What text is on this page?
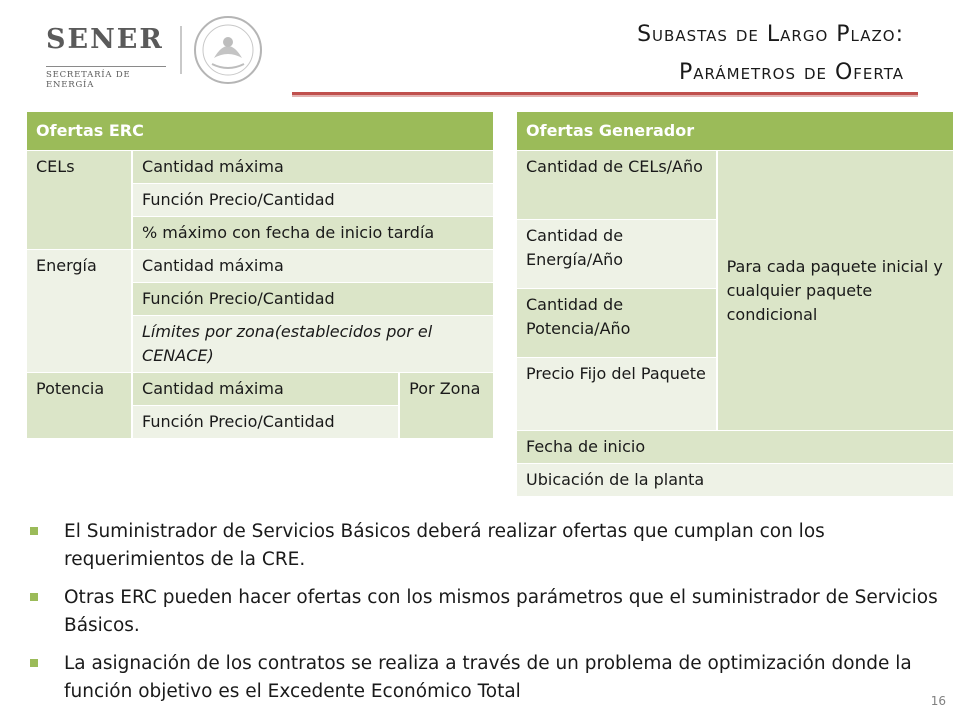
SENER
SECRETARÍA DE ENERGÍA
Subastas de Largo Plazo:
Parámetros de Oferta
Ofertas ERC		
CELs	Cantidad máxima	
	Función Precio/Cantidad	
	% máximo con fecha de inicio tardía	
Energía	Cantidad máxima	
	Función Precio/Cantidad	
	Límites por zona(establecidos por el CENACE)	
Potencia	Cantidad máxima	Por Zona
	Función Precio/Cantidad	
Ofertas Generador
Cantidad de CELs/Año	Para cada paquete inicial y cualquier paquete condicional
Cantidad de Energía/Año
Cantidad de Potencia/Año
Precio Fijo del Paquete
Fecha de inicio
Ubicación de la planta
El Suministrador de Servicios Básicos deberá realizar ofertas que cumplan con los requerimientos de la CRE.
Otras ERC pueden hacer ofertas con los mismos parámetros que el suministrador de Servicios Básicos.
La asignación de los contratos se realiza a través de un problema de optimización donde la función objetivo es el Excedente Económico Total	16
